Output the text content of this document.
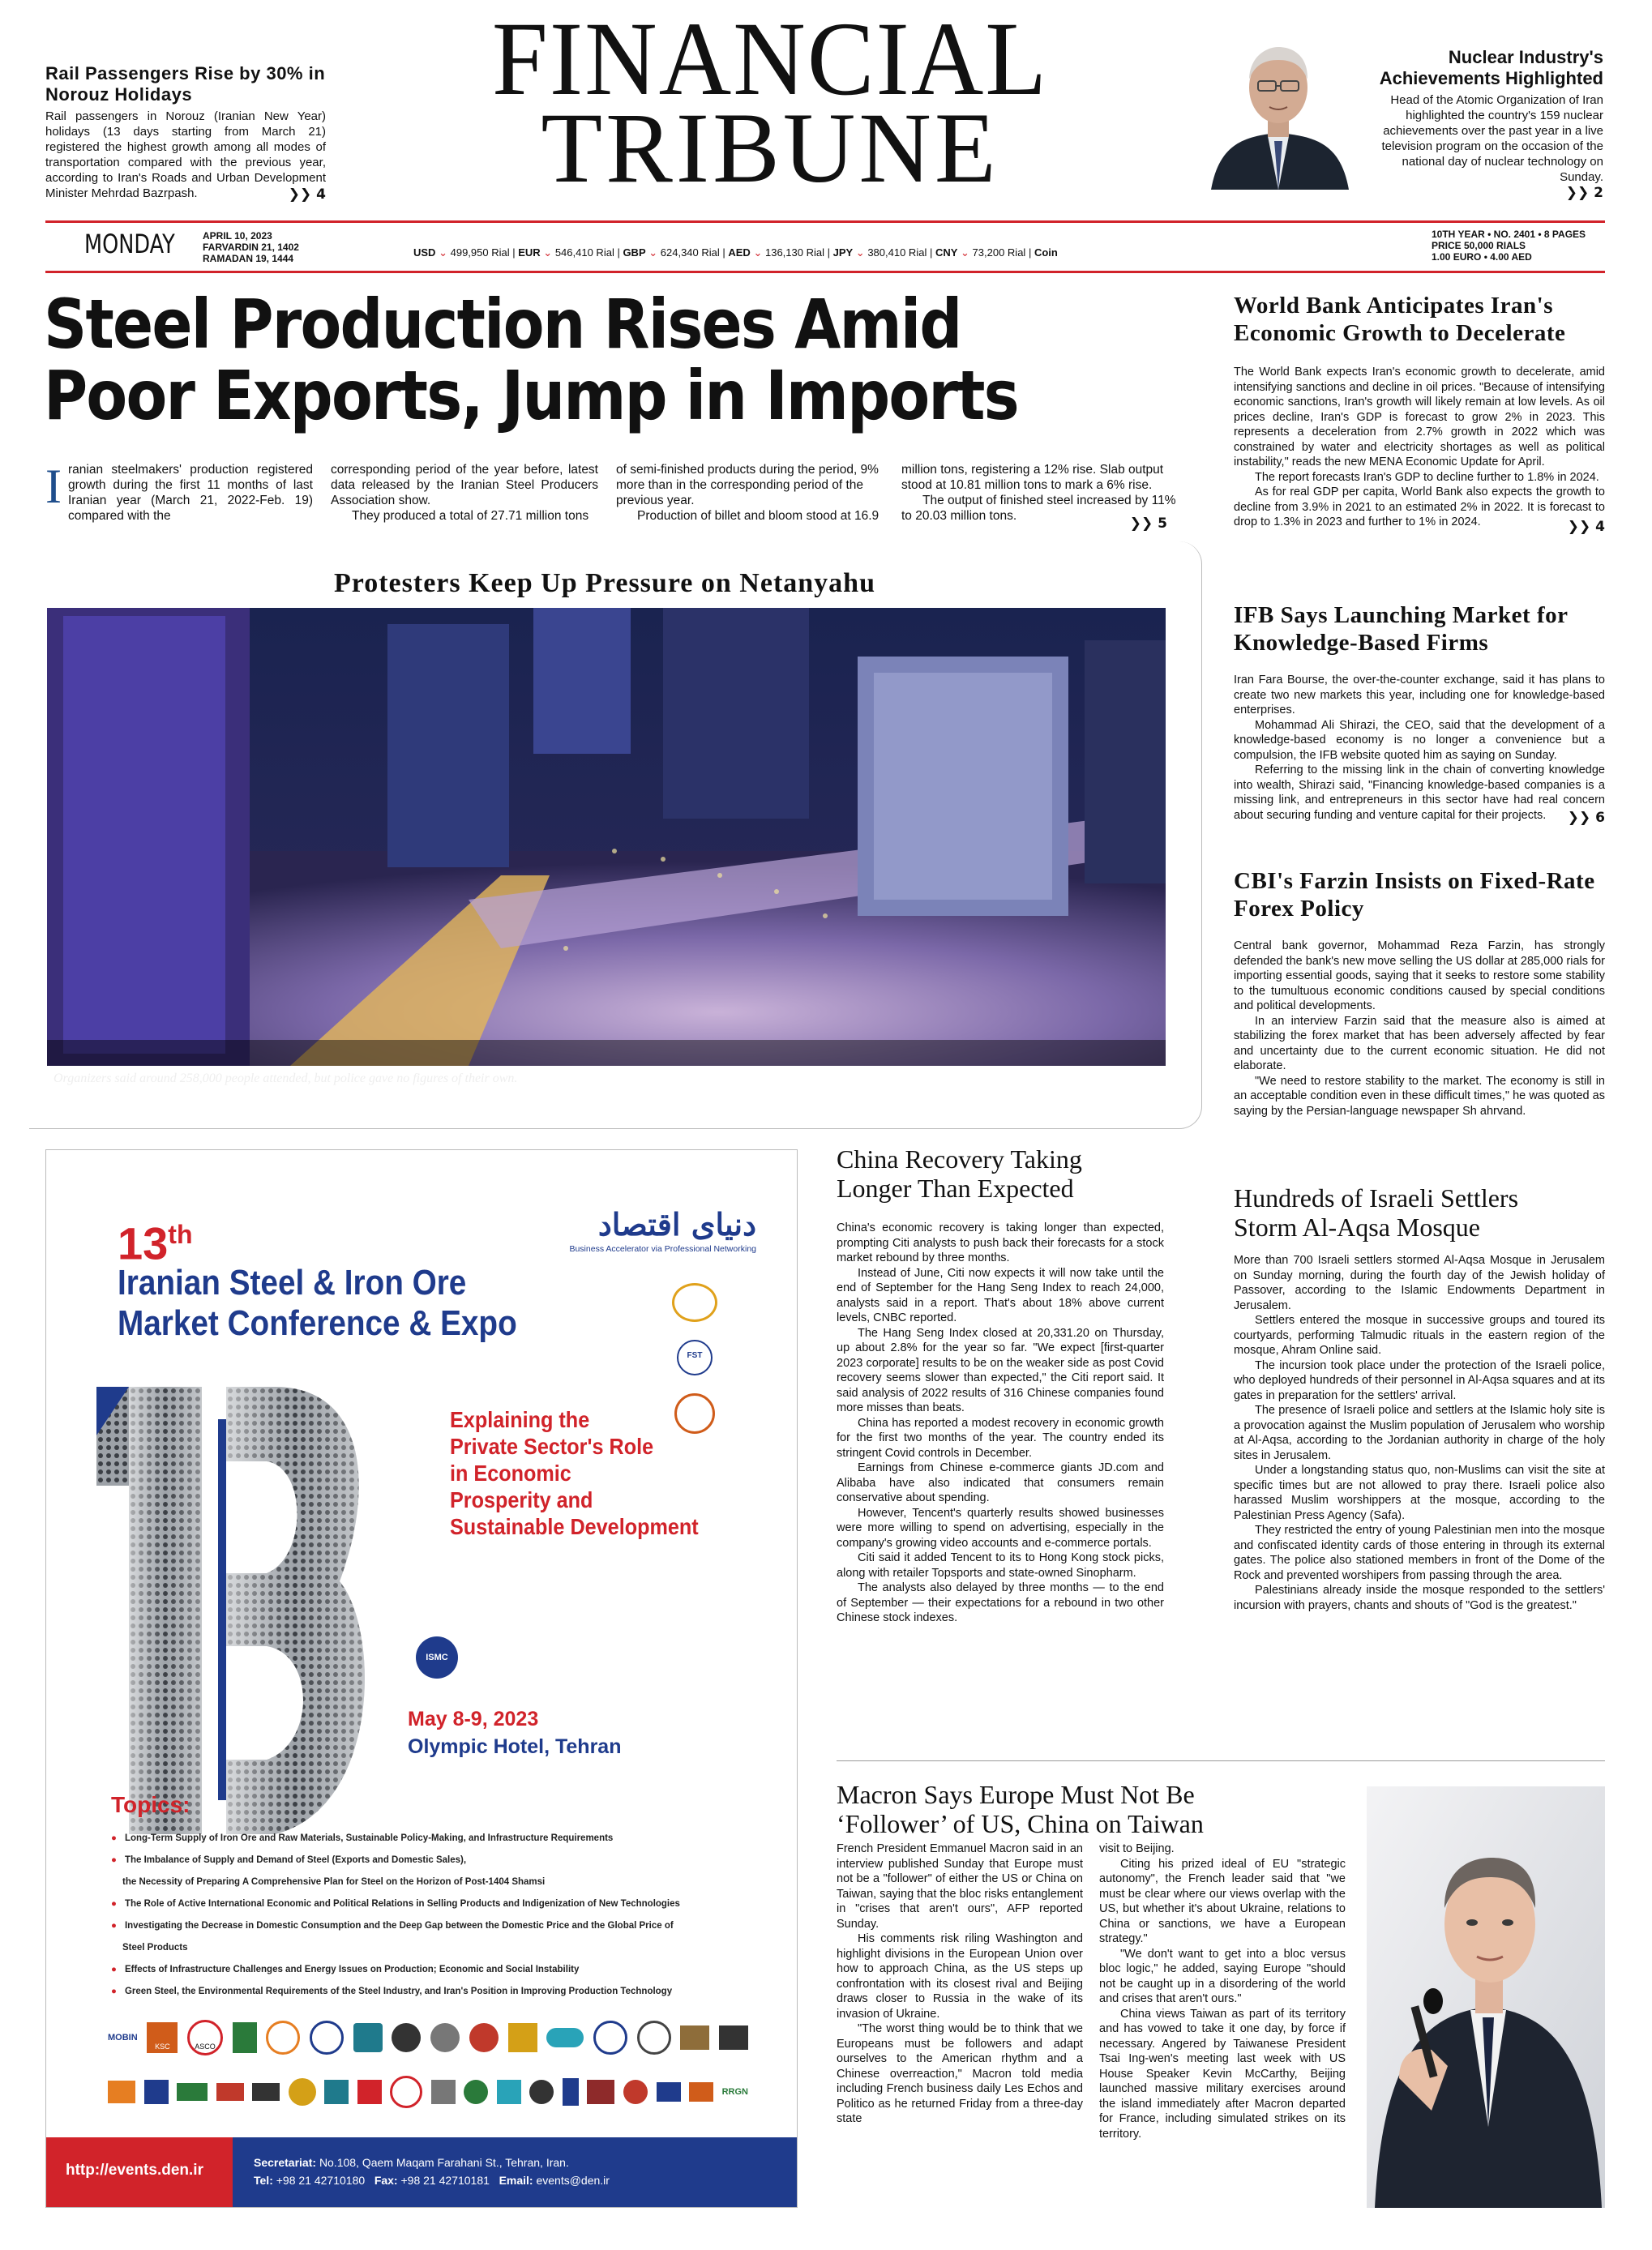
Rail Passengers Rise by 30% in Norouz Holidays
Rail passengers in Norouz (Iranian New Year) holidays (13 days starting from March 21) registered the highest growth among all modes of transportation compared with the previous year, according to Iran's Roads and Urban Development Minister Mehrdad Bazrpash.	❯❯ 4
FINANCIAL
TRIBUNE
Nuclear Industry's Achievements Highlighted
Head of the Atomic Organization of Iran highlighted the country's 159 nuclear achievements over the past year in a live television program on the occasion of the national day of nuclear technology on Sunday.
❯❯ 2
MONDAY	APRIL 10, 2023
FARVARDIN 21, 1402
RAMADAN 19, 1444	USD ⌄ 499,950 Rial | EUR ⌄ 546,410 Rial | GBP ⌄ 624,340 Rial | AED ⌄ 136,130 Rial | JPY ⌄ 380,410 Rial | CNY ⌄ 73,200 Rial | Coin
10TH YEAR • NO. 2401 • 8 PAGES
PRICE 50,000 RIALS
1.00 EURO • 4.00 AED
Steel Production Rises Amid
Poor Exports, Jump in Imports
I ranian steelmakers' production registered growth during the first 11 months of last Iranian year (March 21, 2022-Feb. 19) compared with the

corresponding period of the year before, latest data released by the Iranian Steel Producers Association show.

They produced a total of 27.71 million tons

of semi-finished products during the period, 9% more than in the corresponding period of the previous year.

Production of billet and bloom stood at 16.9

million tons, registering a 12% rise. Slab output stood at 10.81 million tons to mark a 6% rise.

The output of finished steel increased by 11% to 20.03 million tons.	❯❯ 5
Protesters Keep Up Pressure on Netanyahu
Organizers said around 258,000 people attended, but police gave no figures of their own.	❯❯ 8
World Bank Anticipates Iran's Economic Growth to Decelerate

The World Bank expects Iran's economic growth to decelerate, amid intensifying sanctions and decline in oil prices. "Because of intensifying economic sanctions, Iran's growth will likely remain at low levels. As oil prices decline, Iran's GDP is forecast to grow 2% in 2023. This represents a deceleration from 2.7% growth in 2022 which was constrained by water and electricity shortages as well as political instability," reads the new MENA Economic Update for April.

The report forecasts Iran's GDP to decline further to 1.8% in 2024.

As for real GDP per capita, World Bank also expects the growth to decline from 3.9% in 2021 to an estimated 2% in 2022. It is forecast to drop to 1.3% in 2023 and further to 1% in 2024.	❯❯ 4
IFB Says Launching Market for Knowledge-Based Firms

Iran Fara Bourse, the over-the-counter exchange, said it has plans to create two new markets this year, including one for knowledge-based enterprises.

Mohammad Ali Shirazi, the CEO, said that the development of a knowledge-based economy is no longer a convenience but a compulsion, the IFB website quoted him as saying on Sunday.

Referring to the missing link in the chain of converting knowledge into wealth, Shirazi said, "Financing knowledge-based companies is a missing link, and entrepreneurs in this sector have had real concern about securing funding and venture capital for their projects.	❯❯ 6
CBI's Farzin Insists on Fixed-Rate Forex Policy

Central bank governor, Mohammad Reza Farzin, has strongly defended the bank's new move selling the US dollar at 285,000 rials for importing essential goods, saying that it seeks to restore some stability to the tumultuous economic conditions caused by special conditions and political developments.

In an interview Farzin said that the measure also is aimed at stabilizing the forex market that has been adversely affected by fear and uncertainty due to the current economic situation. He did not elaborate.

"We need to restore stability to the market. The economy is still in an acceptable condition even in these difficult times," he was quoted as saying by the Persian-language newspaper Sh ahrvand.

China Recovery Taking Longer Than Expected

China's economic recovery is taking longer than expected, prompting Citi analysts to push back their forecasts for a stock market rebound by three months.

Instead of June, Citi now expects it will now take until the end of September for the Hang Seng Index to reach 24,000, analysts said in a report. That's about 18% above current levels, CNBC reported.

The Hang Seng Index closed at 20,331.20 on Thursday, up about 2.8% for the year so far. "We expect [first-quarter 2023 corporate] results to be on the weaker side as post Covid recovery seems slower than expected," the Citi report said. It said analysis of 2022 results of 316 Chinese companies found more misses than beats.

China has reported a modest recovery in economic growth for the first two months of the year. The country ended its stringent Covid controls in December.

Earnings from Chinese e-commerce giants JD.com and Alibaba have also indicated that consumers remain conservative about spending.

However, Tencent's quarterly results showed businesses were more willing to spend on advertising, especially in the company's growing video accounts and e-commerce portals.

Citi said it added Tencent to its to Hong Kong stock picks, along with retailer Topsports and state-owned Sinopharm.

The analysts also delayed by three months — to the end of September — their expectations for a rebound in two other Chinese stock indexes.

Hundreds of Israeli Settlers Storm Al-Aqsa Mosque

More than 700 Israeli settlers stormed Al-Aqsa Mosque in Jerusalem on Sunday morning, during the fourth day of the Jewish holiday of Passover, according to the Islamic Endowments Department in Jerusalem.

Settlers entered the mosque in successive groups and toured its courtyards, performing Talmudic rituals in the eastern region of the mosque, Ahram Online said.

The incursion took place under the protection of the Israeli police, who deployed hundreds of their personnel in Al-Aqsa squares and at its gates in preparation for the settlers' arrival.

The presence of Israeli police and settlers at the Islamic holy site is a provocation against the Muslim population of Jerusalem who worship at Al-Aqsa, according to the Jordanian authority in charge of the holy sites in Jerusalem.

Under a longstanding status quo, non-Muslims can visit the site at specific times but are not allowed to pray there. Israeli police also harassed Muslim worshippers at the mosque, according to the Palestinian Press Agency (Safa).

They restricted the entry of young Palestinian men into the mosque and confiscated identity cards of those entering in through its external gates. The police also stationed members in front of the Dome of the Rock and prevented worshipers from passing through the area.

Palestinians already inside the mosque responded to the settlers' incursion with prayers, chants and shouts of "God is the greatest."

Macron Says Europe Must Not Be
‘Follower’ of US, China on Taiwan

French President Emmanuel Macron said in an interview published Sunday that Europe must not be a "follower" of either the US or China on Taiwan, saying that the bloc risks entanglement in "crises that aren't ours", AFP reported Sunday.

His comments risk riling Washington and highlight divisions in the European Union over how to approach China, as the US steps up confrontation with its closest rival and Beijing draws closer to Russia in the wake of its invasion of Ukraine.

"The worst thing would be to think that we Europeans must be followers and adapt ourselves to the American rhythm and a Chinese overreaction," Macron told media including French business daily Les Echos and Politico as he returned Friday from a three-day state

visit to Beijing.

Citing his prized ideal of EU "strategic autonomy", the French leader said that "we must be clear where our views overlap with the US, but whether it's about Ukraine, relations to China or sanctions, we have a European strategy."

"We don't want to get into a bloc versus bloc logic," he added, saying Europe "should not be caught up in a disordering of the world and crises that aren't ours."

China views Taiwan as part of its territory and has vowed to take it one day, by force if necessary. Angered by Taiwanese President Tsai Ing-wen's meeting last week with US House Speaker Kevin McCarthy, Beijing launched massive military exercises around the island immediately after Macron departed for France, including simulated strikes on its territory.

13th
Iranian Steel & Iron Ore
Market Conference & Expo
دنیای اقتصاد
Business Accelerator via Professional Networking
FST
Explaining the
Private Sector's Role
in Economic
Prosperity and
Sustainable Development
ISMC
May 8-9, 2023
Olympic Hotel, Tehran
Topics:
● Long-Term Supply of Iron Ore and Raw Materials, Sustainable Policy-Making, and Infrastructure Requirements
● The Imbalance of Supply and Demand of Steel (Exports and Domestic Sales),
the Necessity of Preparing A Comprehensive Plan for Steel on the Horizon of Post-1404 Shamsi
● The Role of Active International Economic and Political Relations in Selling Products and Indigenization of New Technologies
● Investigating the Decrease in Domestic Consumption and the Deep Gap between the Domestic Price and the Global Price of
Steel Products
● Effects of Infrastructure Challenges and Energy Issues on Production; Economic and Social Instability
● Green Steel, the Environmental Requirements of the Steel Industry, and Iran's Position in Improving Production Technology
MOBIN
KSC	ASCO
RRGN
http://events.den.ir	Secretariat: No.108, Qaem Maqam Farahani St., Tehran, Iran.
Tel: +98 21 42710180 Fax: +98 21 42710181 Email: events@den.ir
